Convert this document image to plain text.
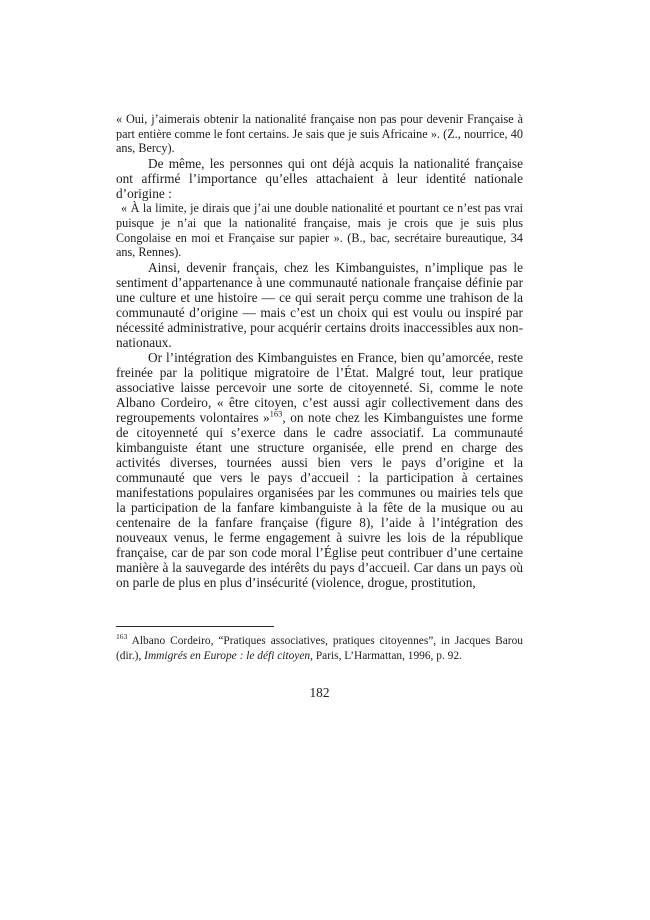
« Oui, j’aimerais obtenir la nationalité française non pas pour devenir Française à part entière comme le font certains. Je sais que je suis Africaine ». (Z., nourrice, 40 ans, Bercy).

De même, les personnes qui ont déjà acquis la nationalité française ont affirmé l’importance qu’elles attachaient à leur identité nationale d’origine :

« À la limite, je dirais que j’ai une double nationalité et pourtant ce n’est pas vrai puisque je n’ai que la nationalité française, mais je crois que je suis plus Congolaise en moi et Française sur papier ». (B., bac, secrétaire bureautique, 34 ans, Rennes).

Ainsi, devenir français, chez les Kimbanguistes, n’implique pas le sentiment d’appartenance à une communauté nationale française définie par une culture et une histoire — ce qui serait perçu comme une trahison de la communauté d’origine — mais c’est un choix qui est voulu ou inspiré par nécessité administrative, pour acquérir certains droits inaccessibles aux non-nationaux.

Or l’intégration des Kimbanguistes en France, bien qu’amorcée, reste freinée par la politique migratoire de l’État. Malgré tout, leur pratique associative laisse percevoir une sorte de citoyenneté. Si, comme le note Albano Cordeiro, « être citoyen, c’est aussi agir collectivement dans des regroupements volontaires »$^{163}$, on note chez les Kimbanguistes une forme de citoyenneté qui s’exerce dans le cadre associatif. La communauté kimbanguiste étant une structure organisée, elle prend en charge des activités diverses, tournées aussi bien vers le pays d’origine et la communauté que vers le pays d’accueil : la participation à certaines manifestations populaires organisées par les communes ou mairies tels que la participation de la fanfare kimbanguiste à la fête de la musique ou au centenaire de la fanfare française (figure 8), l’aide à l’intégration des nouveaux venus, le ferme engagement à suivre les lois de la république française, car de par son code moral l’Église peut contribuer d’une certaine manière à la sauvegarde des intérêts du pays d’accueil. Car dans un pays où on parle de plus en plus d’insécurité (violence, drogue, prostitution,

$^{163}$ Albano Cordeiro, “Pratiques associatives, pratiques citoyennes”, in Jacques Barou (dir.), Immigrés en Europe : le défi citoyen, Paris, L’Harmattan, 1996, p. 92.

182
